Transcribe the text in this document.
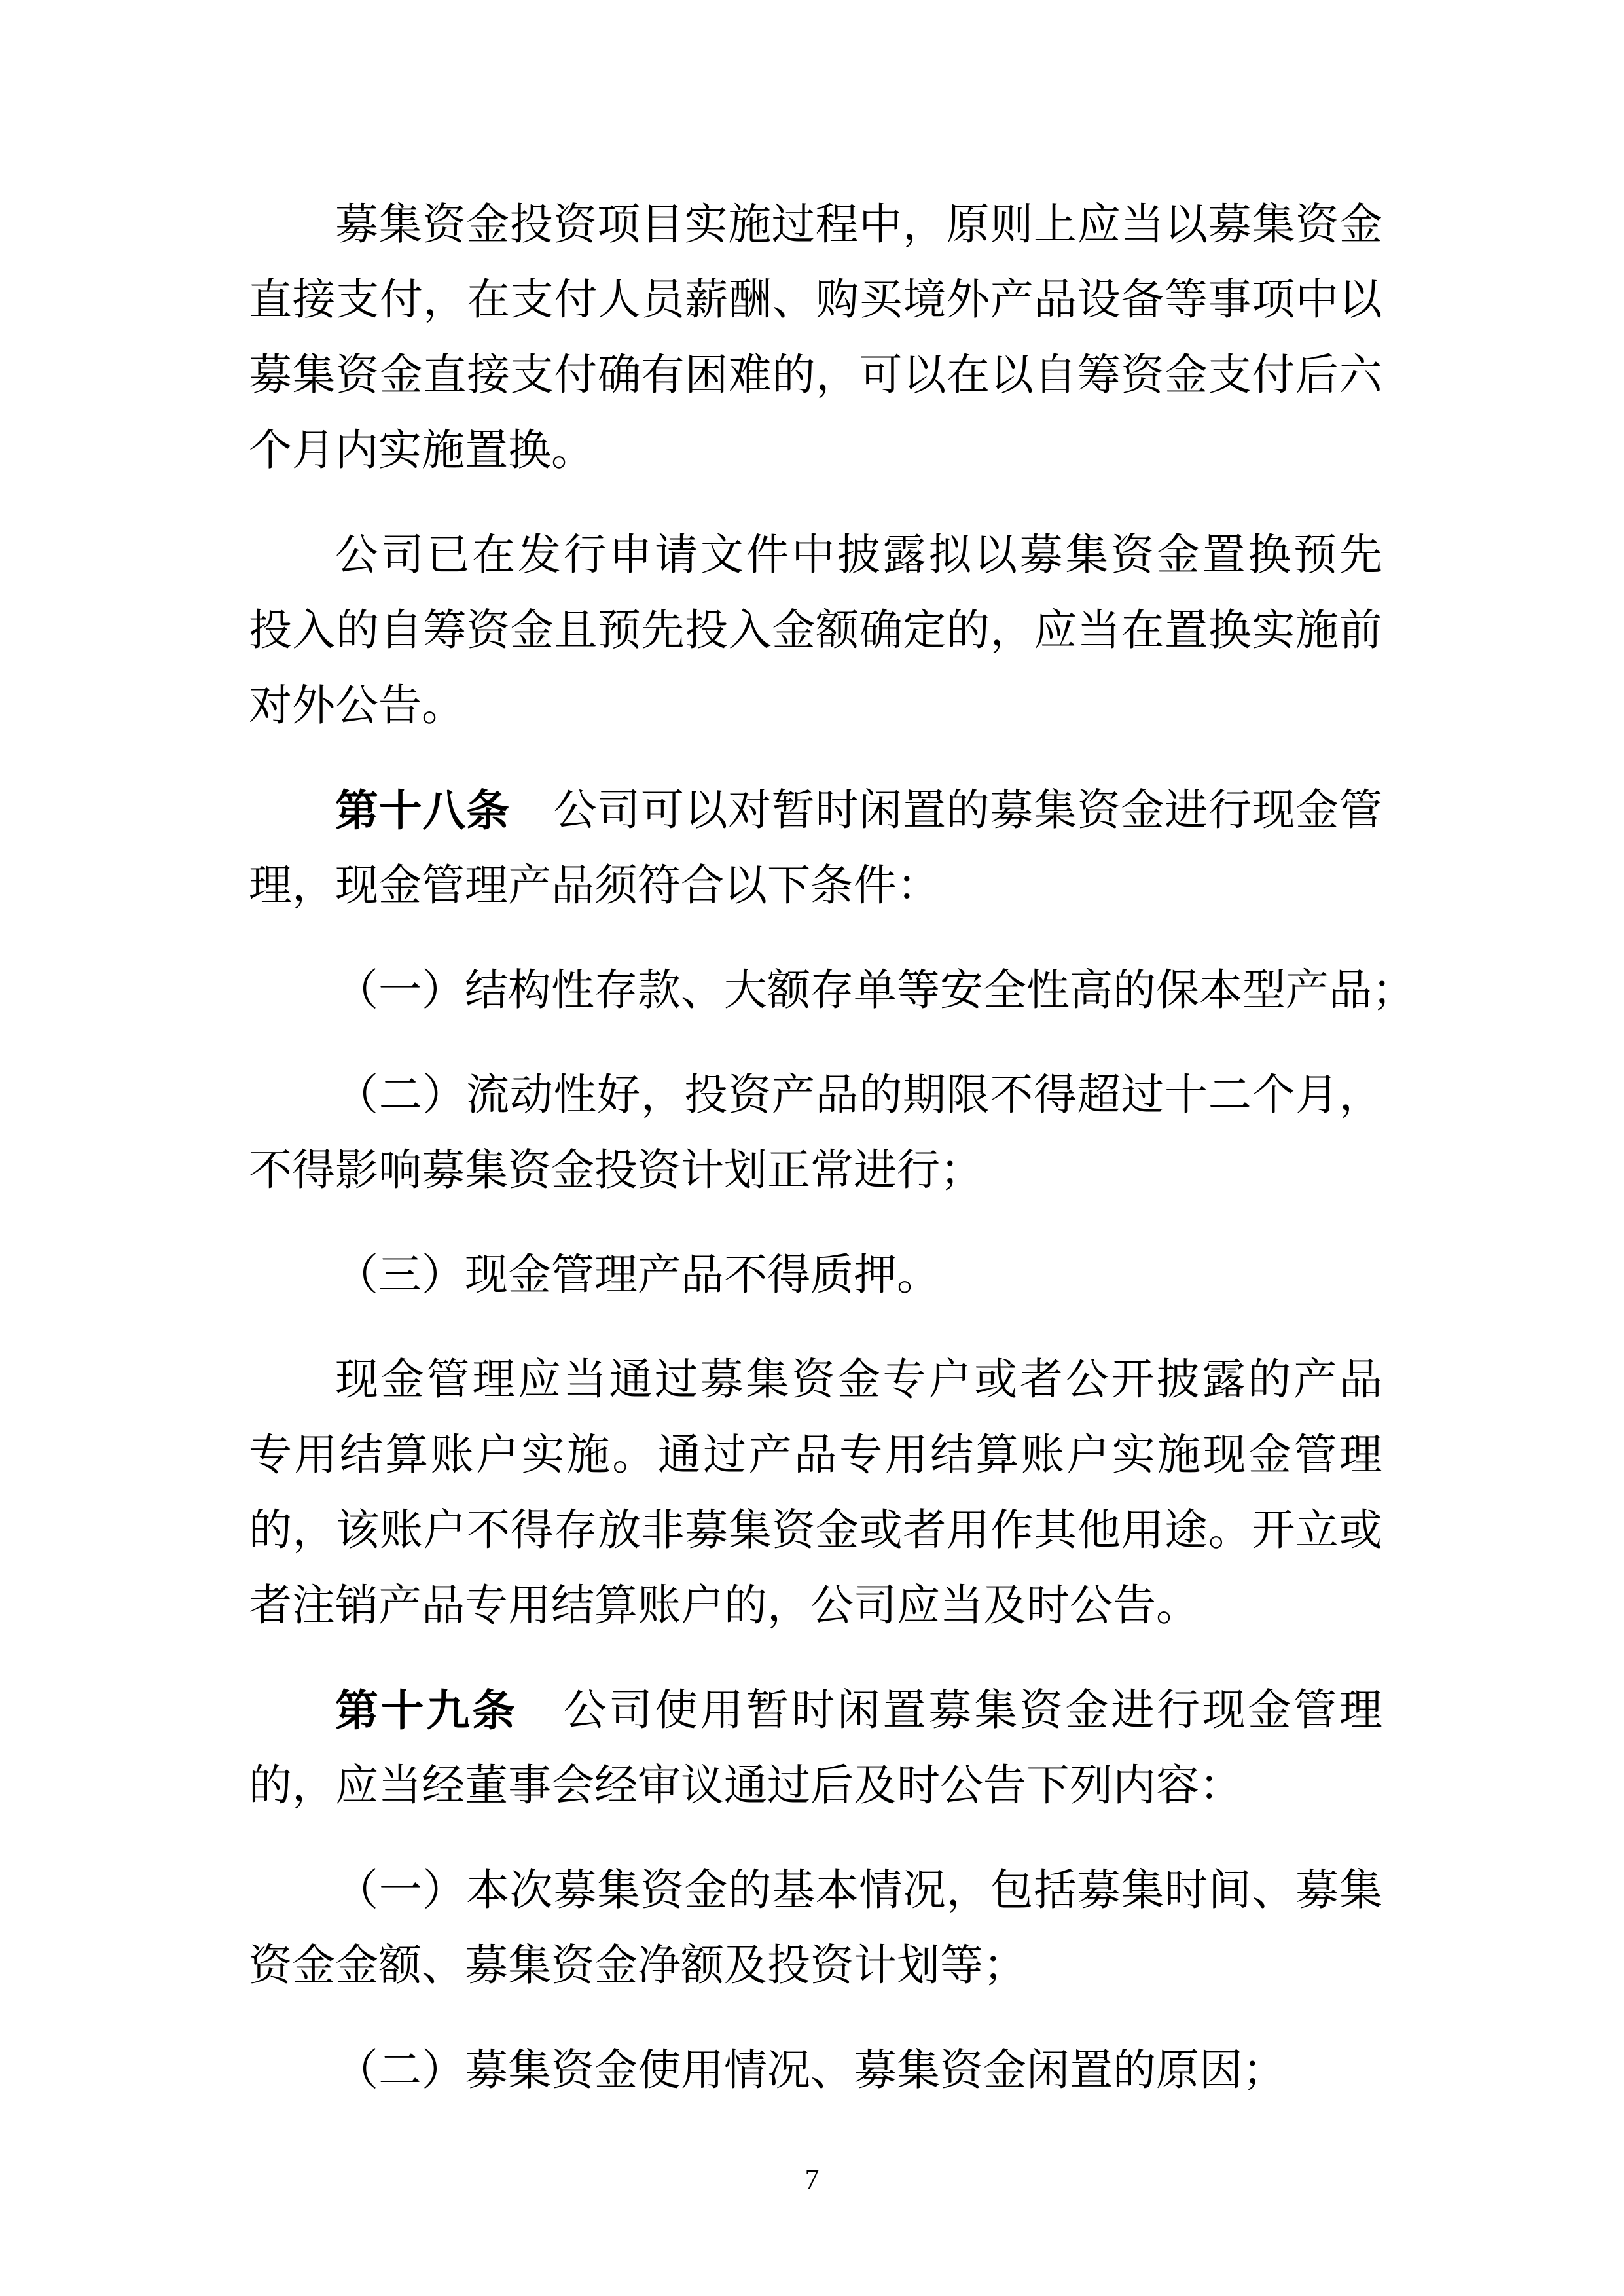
募 集 资 金 投 资 项 目 实 施 过 程 中 ， 原 则 上 应 当 以 募 集 资 金
直 接 支 付 ， 在 支 付 人 员 薪 酬 、 购 买 境 外 产 品 设 备 等 事 项 中 以
募 集 资 金 直 接 支 付 确 有 困 难 的 ， 可 以 在 以 自 筹 资 金 支 付 后 六
个月内实施置换。
公 司 已 在 发 行 申 请 文 件 中 披 露 拟 以 募 集 资 金 置 换 预 先
投 入 的 自 筹 资 金 且 预 先 投 入 金 额 确 定 的 ， 应 当 在 置 换 实 施 前
对外公告。
第 十 八 条
　 公 司 可 以 对 暂 时 闲 置 的 募 集 资 金 进 行 现 金 管
理，现金管理产品须符合以下条件：
（ 一 ） 结 构 性 存 款 、 大 额 存 单 等 安 全 性 高 的 保 本 型 产 品 ；
（ 二 ） 流 动 性 好 ， 投 资 产 品 的 期 限 不 得 超 过 十 二 个 月 ，
不得影响募集资金投资计划正常进行；
（三）现金管理产品不得质押。
现 金 管 理 应 当 通 过 募 集 资 金 专 户 或 者 公 开 披 露 的 产 品
专 用 结 算 账 户 实 施 。 通 过 产 品 专 用 结 算 账 户 实 施 现 金 管 理
的 ， 该 账 户 不 得 存 放 非 募 集 资 金 或 者 用 作 其 他 用 途 。 开 立 或
者注销产品专用结算账户的，公司应当及时公告。
第 十 九 条
　 公 司 使 用 暂 时 闲 置 募 集 资 金 进 行 现 金 管 理
的，应当经董事会经审议通过后及时公告下列内容：
（ 一 ） 本 次 募 集 资 金 的 基 本 情 况 ， 包 括 募 集 时 间 、 募 集
资金金额、募集资金净额及投资计划等；
（二）募集资金使用情况、募集资金闲置的原因；
7
